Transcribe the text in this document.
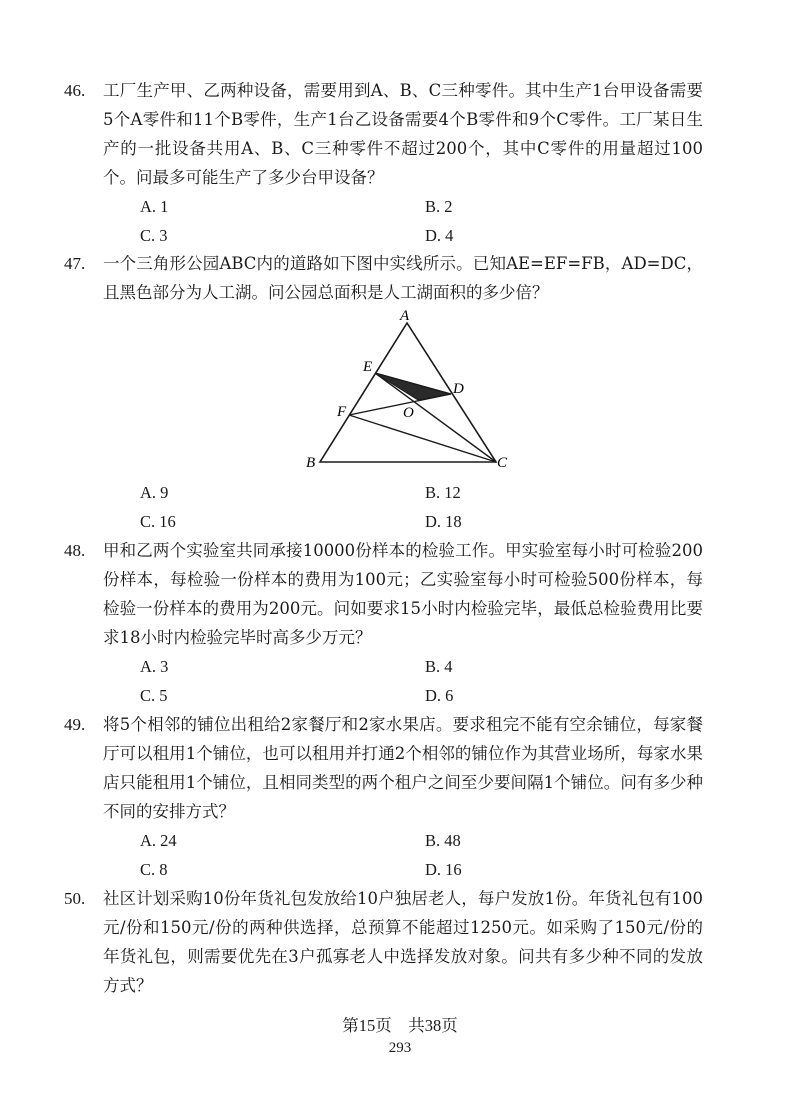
46. 工厂生产甲、乙两种设备，需要用到A、B、C三种零件。其中生产1台甲设备需要5个A零件和11个B零件，生产1台乙设备需要4个B零件和9个C零件。工厂某日生产的一批设备共用A、B、C三种零件不超过200个，其中C零件的用量超过100个。问最多可能生产了多少台甲设备？
A. 1	B. 2
C. 3	D. 4
47. 一个三角形公园ABC内的道路如下图中实线所示。已知AE=EF=FB，AD=DC，且黑色部分为人工湖。问公园总面积是人工湖面积的多少倍？
A
E
D
F	O
B	C
A. 9	B. 12
C. 16	D. 18
48. 甲和乙两个实验室共同承接10000份样本的检验工作。甲实验室每小时可检验200份样本，每检验一份样本的费用为100元；乙实验室每小时可检验500份样本，每检验一份样本的费用为200元。问如要求15小时内检验完毕，最低总检验费用比要求18小时内检验完毕时高多少万元？
A. 3	B. 4
C. 5	D. 6
49. 将5个相邻的铺位出租给2家餐厅和2家水果店。要求租完不能有空余铺位，每家餐厅可以租用1个铺位，也可以租用并打通2个相邻的铺位作为其营业场所，每家水果店只能租用1个铺位，且相同类型的两个租户之间至少要间隔1个铺位。问有多少种不同的安排方式？
A. 24	B. 48
C. 8	D. 16
50. 社区计划采购10份年货礼包发放给10户独居老人，每户发放1份。年货礼包有100元/份和150元/份的两种供选择，总预算不能超过1250元。如采购了150元/份的年货礼包，则需要优先在3户孤寡老人中选择发放对象。问共有多少种不同的发放方式？
第15页　共38页
293
